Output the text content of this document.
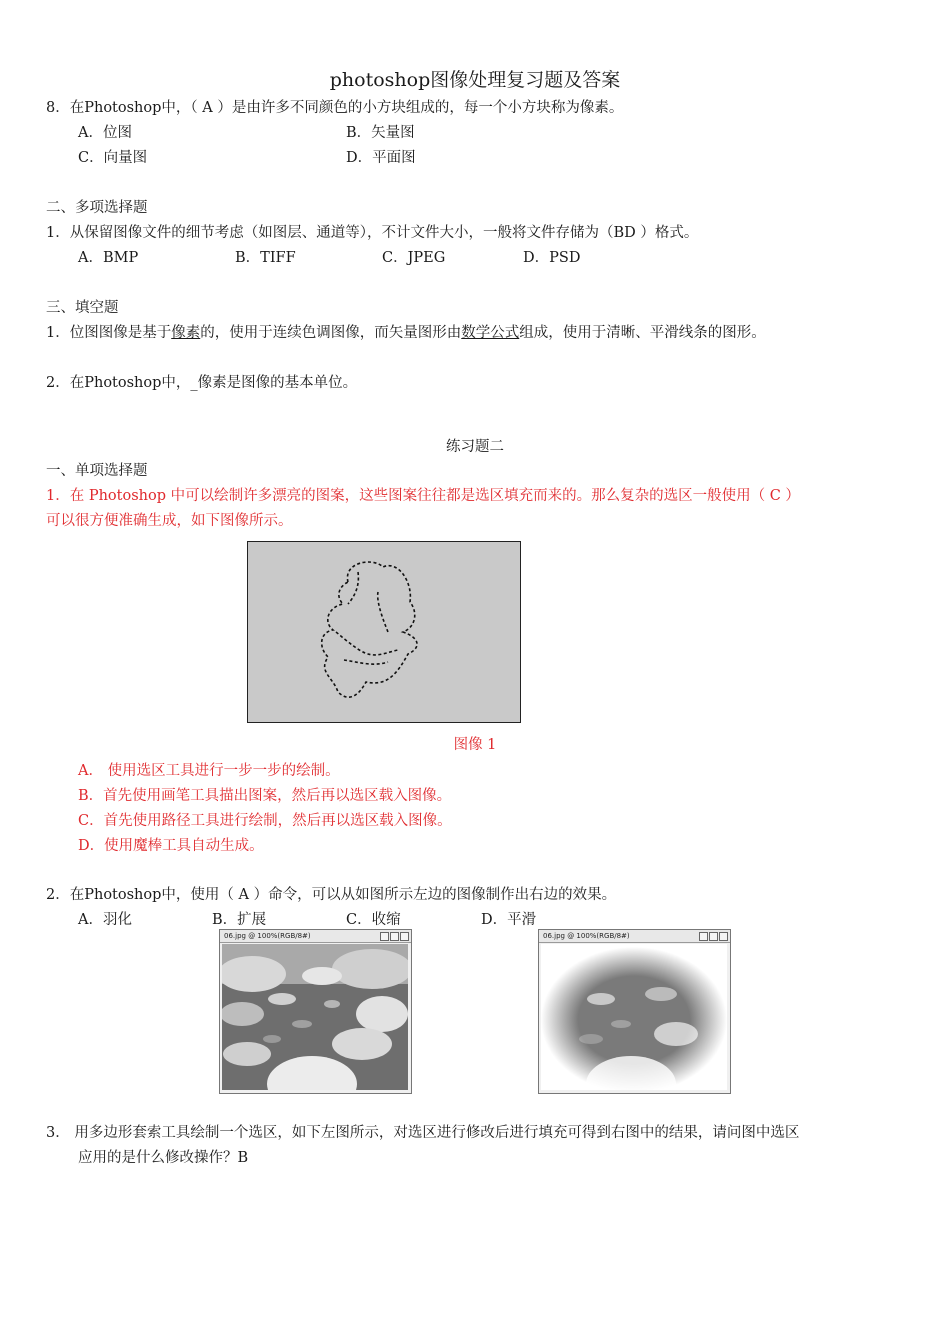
photoshop图像处理复习题及答案
8．在Photoshop中，（ A ）是由许多不同颜色的小方块组成的，每一个小方块称为像素。
A．位图	B．矢量图
C．向量图	D．平面图
二、多项选择题
1．从保留图像文件的细节考虑（如图层、通道等），不计文件大小，一般将文件存储为（BD ）格式。
A．BMP	B．TIFF	C．JPEG	D．PSD
三、填空题
1．位图图像是基于像素的，使用于连续色调图像，而矢量图形由数学公式组成，使用于清晰、平滑线条的图形。
2．在Photoshop中，_像素是图像的基本单位。
练习题二
一、单项选择题
1．在 Photoshop 中可以绘制许多漂亮的图案，这些图案往往都是选区填充而来的。那么复杂的选区一般使用（ C ）
可以很方便准确生成，如下图像所示。
图像 1
A． 使用选区工具进行一步一步的绘制。
B．首先使用画笔工具描出图案，然后再以选区载入图像。
C．首先使用路径工具进行绘制，然后再以选区载入图像。
D．使用魔棒工具自动生成。
2．在Photoshop中，使用（ A ）命令，可以从如图所示左边的图像制作出右边的效果。
A．羽化	B．扩展	C．收缩	D．平滑
06.jpg @ 100%(RGB/8#)	06.jpg @ 100%(RGB/8#)
3． 用多边形套索工具绘制一个选区，如下左图所示，对选区进行修改后进行填充可得到右图中的结果，请问图中选区
应用的是什么修改操作？B
